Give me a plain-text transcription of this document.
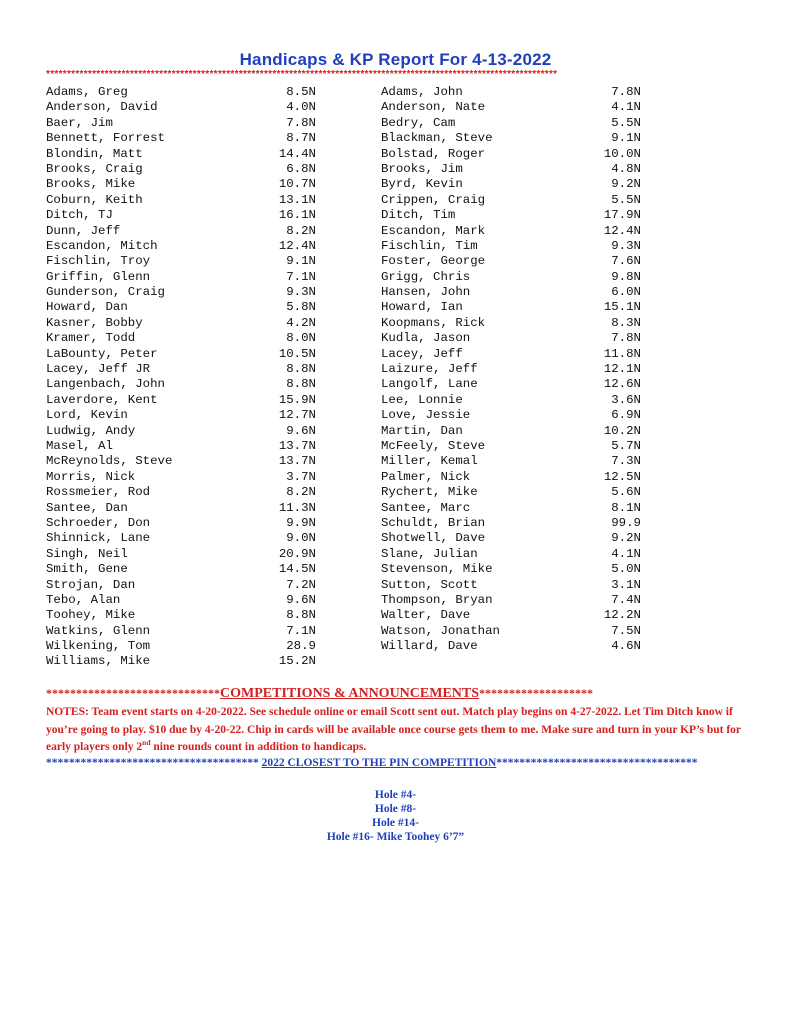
Handicaps & KP Report For 4-13-2022
**************************************************************************************************************************
Adams, Greg	8.5N
Anderson, David	4.0N
Baer, Jim	7.8N
Bennett, Forrest	8.7N
Blondin, Matt	14.4N
Brooks, Craig	6.8N
Brooks, Mike	10.7N
Coburn, Keith	13.1N
Ditch, TJ	16.1N
Dunn, Jeff	8.2N
Escandon, Mitch	12.4N
Fischlin, Troy	9.1N
Griffin, Glenn	7.1N
Gunderson, Craig	9.3N
Howard, Dan	5.8N
Kasner, Bobby	4.2N
Kramer, Todd	8.0N
LaBounty, Peter	10.5N
Lacey, Jeff JR	8.8N
Langenbach, John	8.8N
Laverdore, Kent	15.9N
Lord, Kevin	12.7N
Ludwig, Andy	9.6N
Masel, Al	13.7N
McReynolds, Steve	13.7N
Morris, Nick	3.7N
Rossmeier, Rod	8.2N
Santee, Dan	11.3N
Schroeder, Don	9.9N
Shinnick, Lane	9.0N
Singh, Neil	20.9N
Smith, Gene	14.5N
Strojan, Dan	7.2N
Tebo, Alan	9.6N
Toohey, Mike	8.8N
Watkins, Glenn	7.1N
Wilkening, Tom	28.9
Williams, Mike	15.2N
Adams, John	7.8N
Anderson, Nate	4.1N
Bedry, Cam	5.5N
Blackman, Steve	9.1N
Bolstad, Roger	10.0N
Brooks, Jim	4.8N
Byrd, Kevin	9.2N
Crippen, Craig	5.5N
Ditch, Tim	17.9N
Escandon, Mark	12.4N
Fischlin, Tim	9.3N
Foster, George	7.6N
Grigg, Chris	9.8N
Hansen, John	6.0N
Howard, Ian	15.1N
Koopmans, Rick	8.3N
Kudla, Jason	7.8N
Lacey, Jeff	11.8N
Laizure, Jeff	12.1N
Langolf, Lane	12.6N
Lee, Lonnie	3.6N
Love, Jessie	6.9N
Martin, Dan	10.2N
McFeely, Steve	5.7N
Miller, Kemal	7.3N
Palmer, Nick	12.5N
Rychert, Mike	5.6N
Santee, Marc	8.1N
Schuldt, Brian	99.9
Shotwell, Dave	9.2N
Slane, Julian	4.1N
Stevenson, Mike	5.0N
Sutton, Scott	3.1N
Thompson, Bryan	7.4N
Walter, Dave	12.2N
Watson, Jonathan	7.5N
Willard, Dave	4.6N
*****************************COMPETITIONS & ANNOUNCEMENTS*******************
NOTES: Team event starts on 4-20-2022. See schedule online or email Scott sent out. Match play begins on 4-27-2022. Let Tim Ditch know if you’re going to play. $10 due by 4-20-22. Chip in cards will be available once course gets them to me. Make sure and turn in your KP’s but for early players only 2nd nine rounds count in addition to handicaps.
************************************* 2022 CLOSEST TO THE PIN COMPETITION***********************************
Hole #4-
Hole #8-
Hole #14-
Hole #16- Mike Toohey 6’7”
